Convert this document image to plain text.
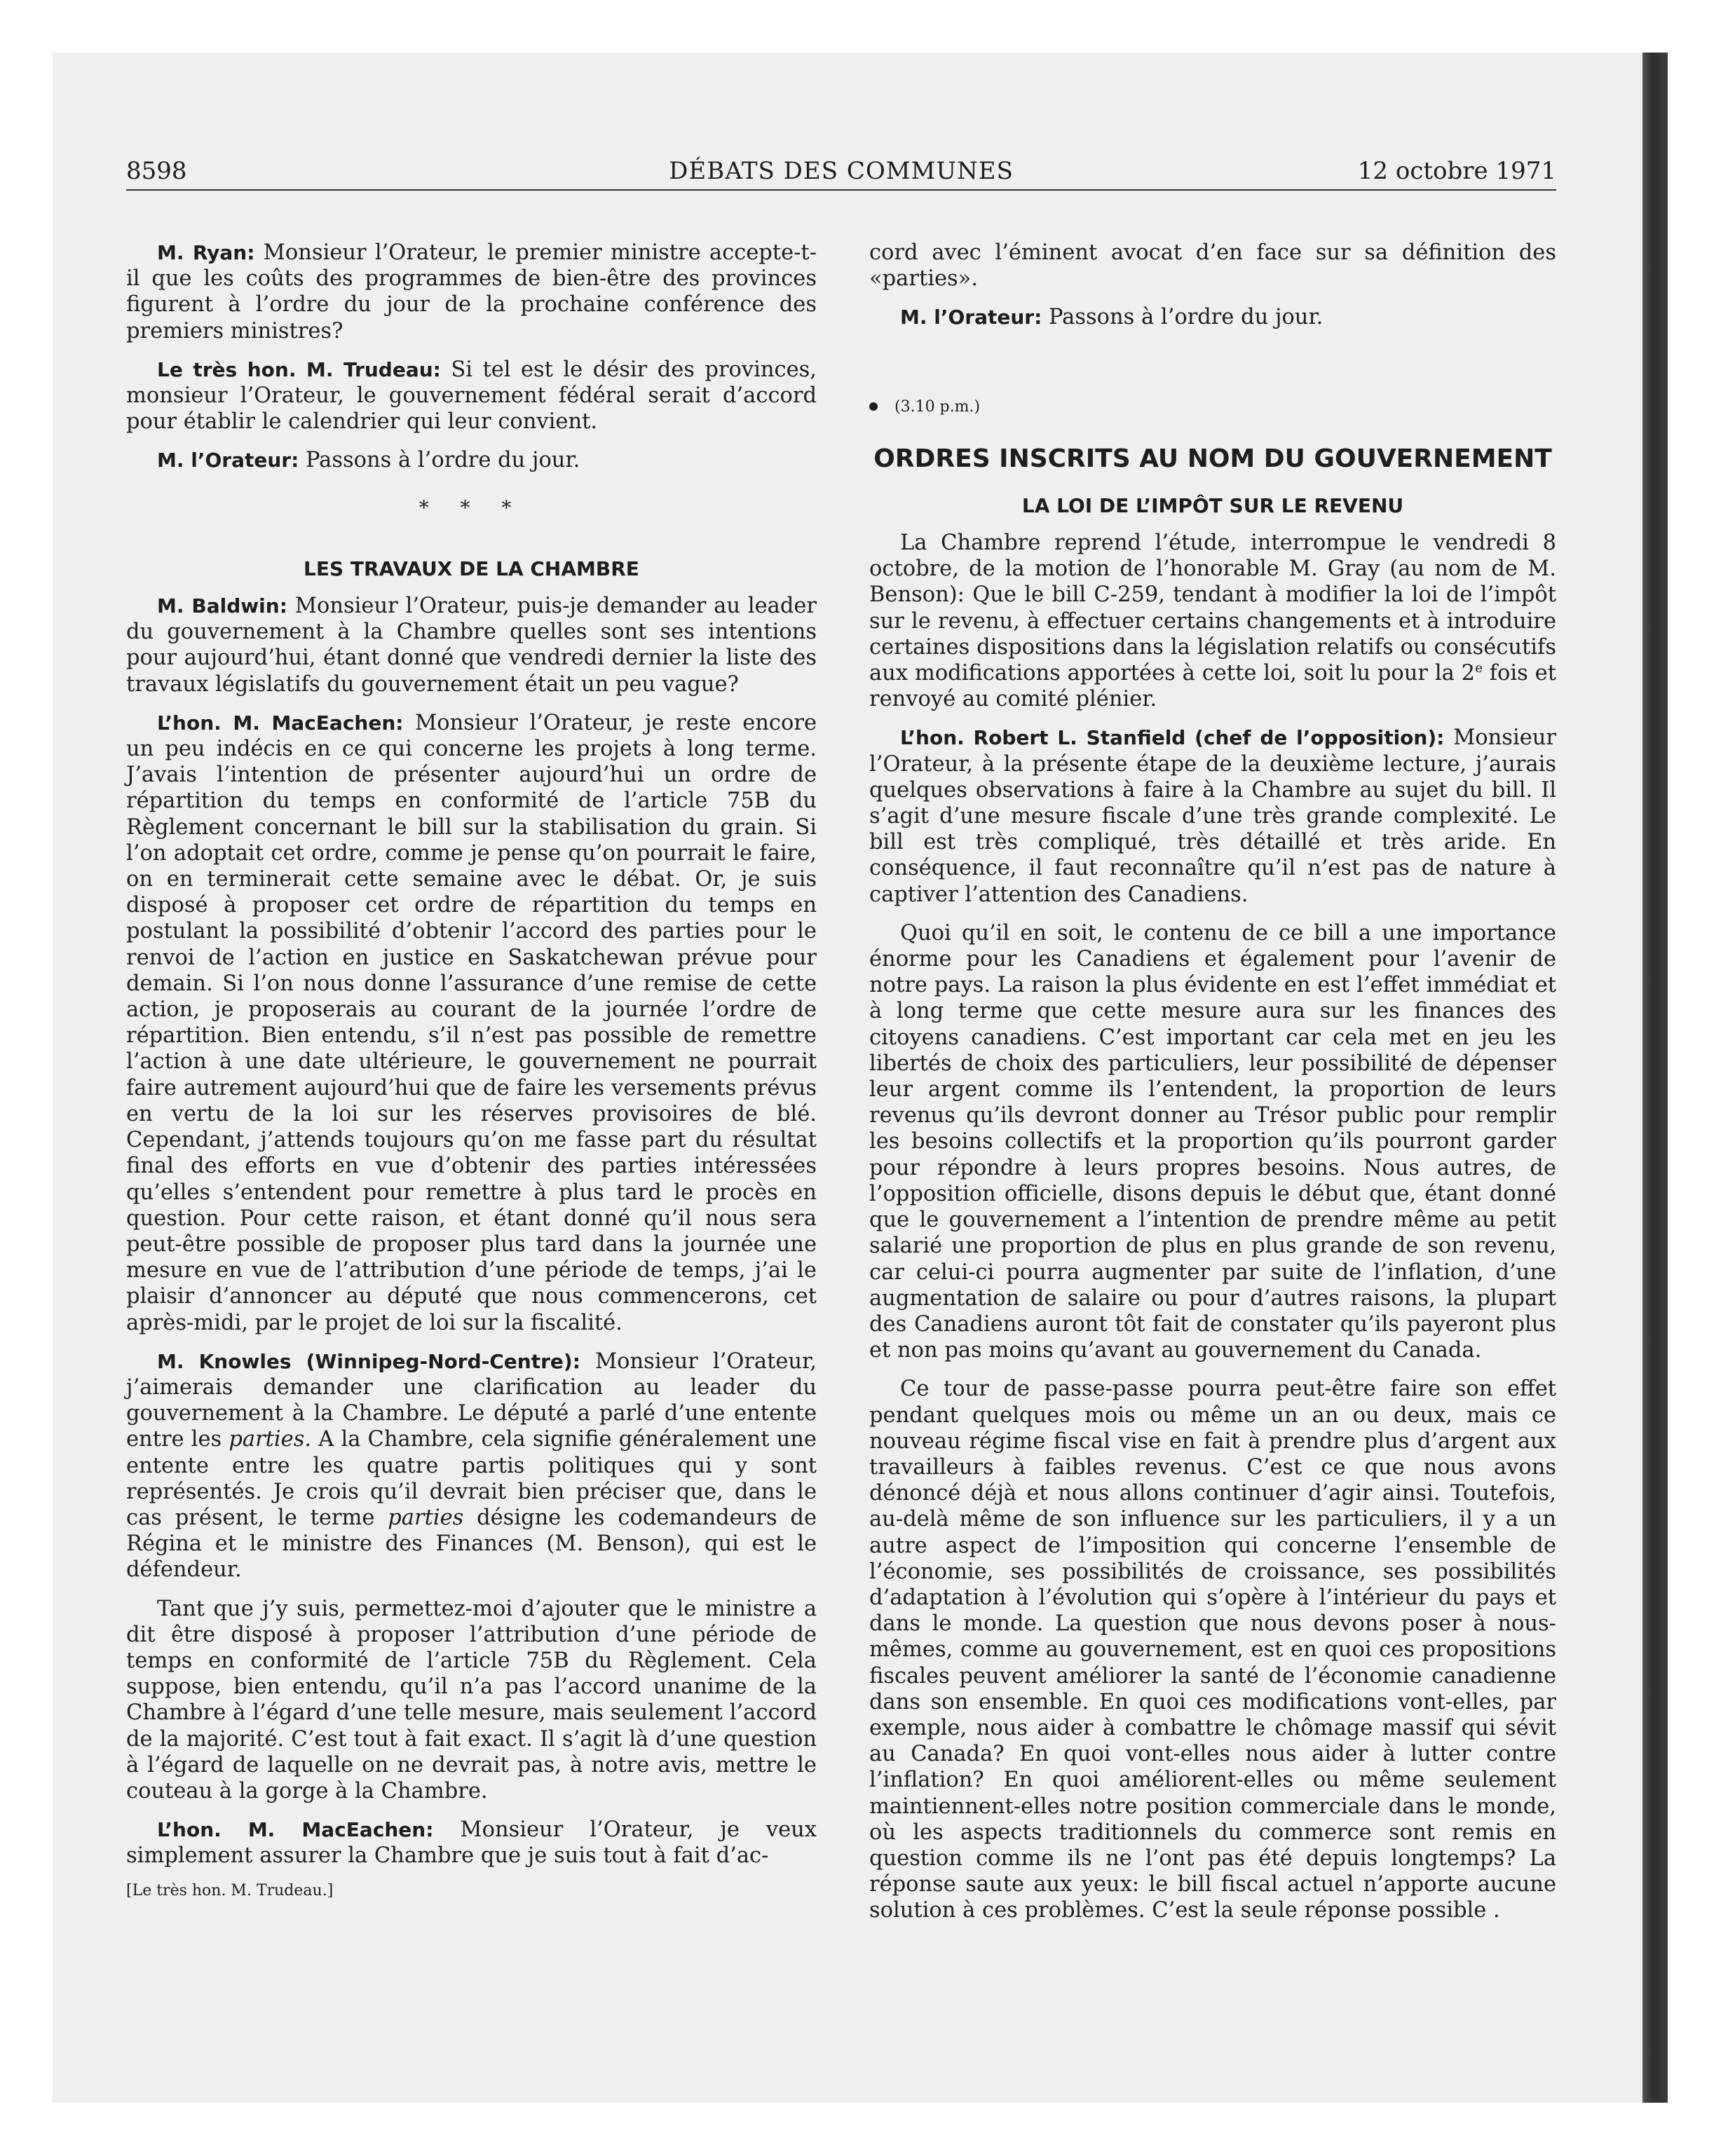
8598	DÉBATS DES COMMUNES	12 octobre 1971

M. Ryan: Monsieur l’Orateur, le premier ministre accepte-t-il que les coûts des programmes de bien-être des provinces figurent à l’ordre du jour de la prochaine conférence des premiers ministres?

Le très hon. M. Trudeau: Si tel est le désir des provinces, monsieur l’Orateur, le gouvernement fédéral serait d’accord pour établir le calendrier qui leur convient.

M. l’Orateur: Passons à l’ordre du jour.

* * *
LES TRAVAUX DE LA CHAMBRE

M. Baldwin: Monsieur l’Orateur, puis-je demander au leader du gouvernement à la Chambre quelles sont ses intentions pour aujourd’hui, étant donné que vendredi dernier la liste des travaux législatifs du gouvernement était un peu vague?

L’hon. M. MacEachen: Monsieur l’Orateur, je reste encore un peu indécis en ce qui concerne les projets à long terme. J’avais l’intention de présenter aujourd’hui un ordre de répartition du temps en conformité de l’article 75B du Règlement concernant le bill sur la stabilisation du grain. Si l’on adoptait cet ordre, comme je pense qu’on pourrait le faire, on en terminerait cette semaine avec le débat. Or, je suis disposé à proposer cet ordre de répartition du temps en postulant la possibilité d’obtenir l’accord des parties pour le renvoi de l’action en justice en Saskatchewan prévue pour demain. Si l’on nous donne l’assurance d’une remise de cette action, je proposerais au courant de la journée l’ordre de répartition. Bien entendu, s’il n’est pas possible de remettre l’action à une date ultérieure, le gouvernement ne pourrait faire autrement aujourd’hui que de faire les versements prévus en vertu de la loi sur les réserves provisoires de blé. Cependant, j’attends toujours qu’on me fasse part du résultat final des efforts en vue d’obtenir des parties intéressées qu’elles s’entendent pour remettre à plus tard le procès en question. Pour cette raison, et étant donné qu’il nous sera peut-être possible de proposer plus tard dans la journée une mesure en vue de l’attribution d’une période de temps, j’ai le plaisir d’annoncer au député que nous commencerons, cet après-midi, par le projet de loi sur la fiscalité.

M. Knowles (Winnipeg-Nord-Centre): Monsieur l’Orateur, j’aimerais demander une clarification au leader du gouvernement à la Chambre. Le député a parlé d’une entente entre les parties. A la Chambre, cela signifie généralement une entente entre les quatre partis politiques qui y sont représentés. Je crois qu’il devrait bien préciser que, dans le cas présent, le terme parties désigne les codemandeurs de Régina et le ministre des Finances (M. Benson), qui est le défendeur.

Tant que j’y suis, permettez-moi d’ajouter que le ministre a dit être disposé à proposer l’attribution d’une période de temps en conformité de l’article 75B du Règlement. Cela suppose, bien entendu, qu’il n’a pas l’accord unanime de la Chambre à l’égard d’une telle mesure, mais seulement l’accord de la majorité. C’est tout à fait exact. Il s’agit là d’une question à l’égard de laquelle on ne devrait pas, à notre avis, mettre le couteau à la gorge à la Chambre.

L’hon. M. MacEachen: Monsieur l’Orateur, je veux simplement assurer la Chambre que je suis tout à fait d’ac-

[Le très hon. M. Trudeau.]

cord avec l’éminent avocat d’en face sur sa définition des «parties».

M. l’Orateur: Passons à l’ordre du jour.

(3.10 p.m.)
ORDRES INSCRITS AU NOM DU GOUVERNEMENT
LA LOI DE L’IMPÔT SUR LE REVENU

La Chambre reprend l’étude, interrompue le vendredi 8 octobre, de la motion de l’honorable M. Gray (au nom de M. Benson): Que le bill C-259, tendant à modifier la loi de l’impôt sur le revenu, à effectuer certains changements et à introduire certaines dispositions dans la législation relatifs ou consécutifs aux modifications apportées à cette loi, soit lu pour la 2e fois et renvoyé au comité plénier.

L’hon. Robert L. Stanfield (chef de l’opposition): Monsieur l’Orateur, à la présente étape de la deuxième lecture, j’aurais quelques observations à faire à la Chambre au sujet du bill. Il s’agit d’une mesure fiscale d’une très grande complexité. Le bill est très compliqué, très détaillé et très aride. En conséquence, il faut reconnaître qu’il n’est pas de nature à captiver l’attention des Canadiens.

Quoi qu’il en soit, le contenu de ce bill a une importance énorme pour les Canadiens et également pour l’avenir de notre pays. La raison la plus évidente en est l’effet immédiat et à long terme que cette mesure aura sur les finances des citoyens canadiens. C’est important car cela met en jeu les libertés de choix des particuliers, leur possibilité de dépenser leur argent comme ils l’entendent, la proportion de leurs revenus qu’ils devront donner au Trésor public pour remplir les besoins collectifs et la proportion qu’ils pourront garder pour répondre à leurs propres besoins. Nous autres, de l’opposition officielle, disons depuis le début que, étant donné que le gouvernement a l’intention de prendre même au petit salarié une proportion de plus en plus grande de son revenu, car celui-ci pourra augmenter par suite de l’inflation, d’une augmentation de salaire ou pour d’autres raisons, la plupart des Canadiens auront tôt fait de constater qu’ils payeront plus et non pas moins qu’avant au gouvernement du Canada.

Ce tour de passe-passe pourra peut-être faire son effet pendant quelques mois ou même un an ou deux, mais ce nouveau régime fiscal vise en fait à prendre plus d’argent aux travailleurs à faibles revenus. C’est ce que nous avons dénoncé déjà et nous allons continuer d’agir ainsi. Toutefois, au-delà même de son influence sur les particuliers, il y a un autre aspect de l’imposition qui concerne l’ensemble de l’économie, ses possibilités de croissance, ses possibilités d’adaptation à l’évolution qui s’opère à l’intérieur du pays et dans le monde. La question que nous devons poser à nous-mêmes, comme au gouvernement, est en quoi ces propositions fiscales peuvent améliorer la santé de l’économie canadienne dans son ensemble. En quoi ces modifications vont-elles, par exemple, nous aider à combattre le chômage massif qui sévit au Canada? En quoi vont-elles nous aider à lutter contre l’inflation? En quoi améliorent-elles ou même seulement maintiennent-elles notre position commerciale dans le monde, où les aspects traditionnels du commerce sont remis en question comme ils ne l’ont pas été depuis longtemps? La réponse saute aux yeux: le bill fiscal actuel n’apporte aucune solution à ces problèmes. C’est la seule réponse possible .
